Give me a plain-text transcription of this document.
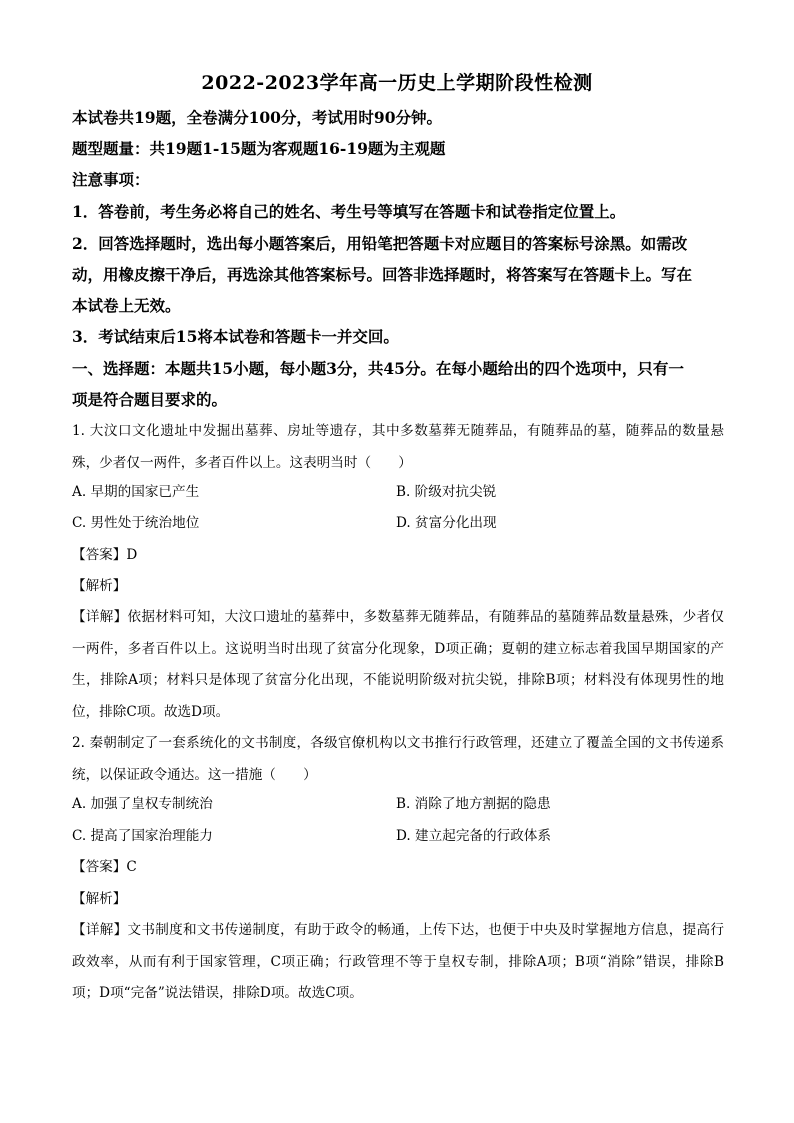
2022-2023学年高一历史上学期阶段性检测
本试卷共19题，全卷满分100分，考试用时90分钟。
题型题量：共19题1-15题为客观题16-19题为主观题
注意事项：
1．答卷前，考生务必将自己的姓名、考生号等填写在答题卡和试卷指定位置上。
2．回答选择题时，选出每小题答案后，用铅笔把答题卡对应题目的答案标号涂黑。如需改
动，用橡皮擦干净后，再选涂其他答案标号。回答非选择题时，将答案写在答题卡上。写在
本试卷上无效。
3．考试结束后15将本试卷和答题卡一并交回。
一、选择题：本题共15小题，每小题3分，共45分。在每小题给出的四个选项中，只有一
项是符合题目要求的。
1. 大汶口文化遗址中发掘出墓葬、房址等遗存，其中多数墓葬无随葬品，有随葬品的墓，随葬品的数量悬殊，少者仅一两件，多者百件以上。这表明当时（　　）
A. 早期的国家已产生	B. 阶级对抗尖锐
C. 男性处于统治地位	D. 贫富分化出现
【答案】D
【解析】
【详解】依据材料可知，大汶口遗址的墓葬中，多数墓葬无随葬品，有随葬品的墓随葬品数量悬殊，少者仅一两件，多者百件以上。这说明当时出现了贫富分化现象，D项正确；夏朝的建立标志着我国早期国家的产生，排除A项；材料只是体现了贫富分化出现，不能说明阶级对抗尖锐，排除B项；材料没有体现男性的地位，排除C项。故选D项。
2. 秦朝制定了一套系统化的文书制度，各级官僚机构以文书推行行政管理，还建立了覆盖全国的文书传递系统，以保证政令通达。这一措施（　　）
A. 加强了皇权专制统治	B. 消除了地方割据的隐患
C. 提高了国家治理能力	D. 建立起完备的行政体系
【答案】C
【解析】
【详解】文书制度和文书传递制度，有助于政令的畅通，上传下达，也便于中央及时掌握地方信息，提高行政效率，从而有利于国家管理，C项正确；行政管理不等于皇权专制，排除A项；B项“消除”错误，排除B项；D项“完备”说法错误，排除D项。故选C项。
